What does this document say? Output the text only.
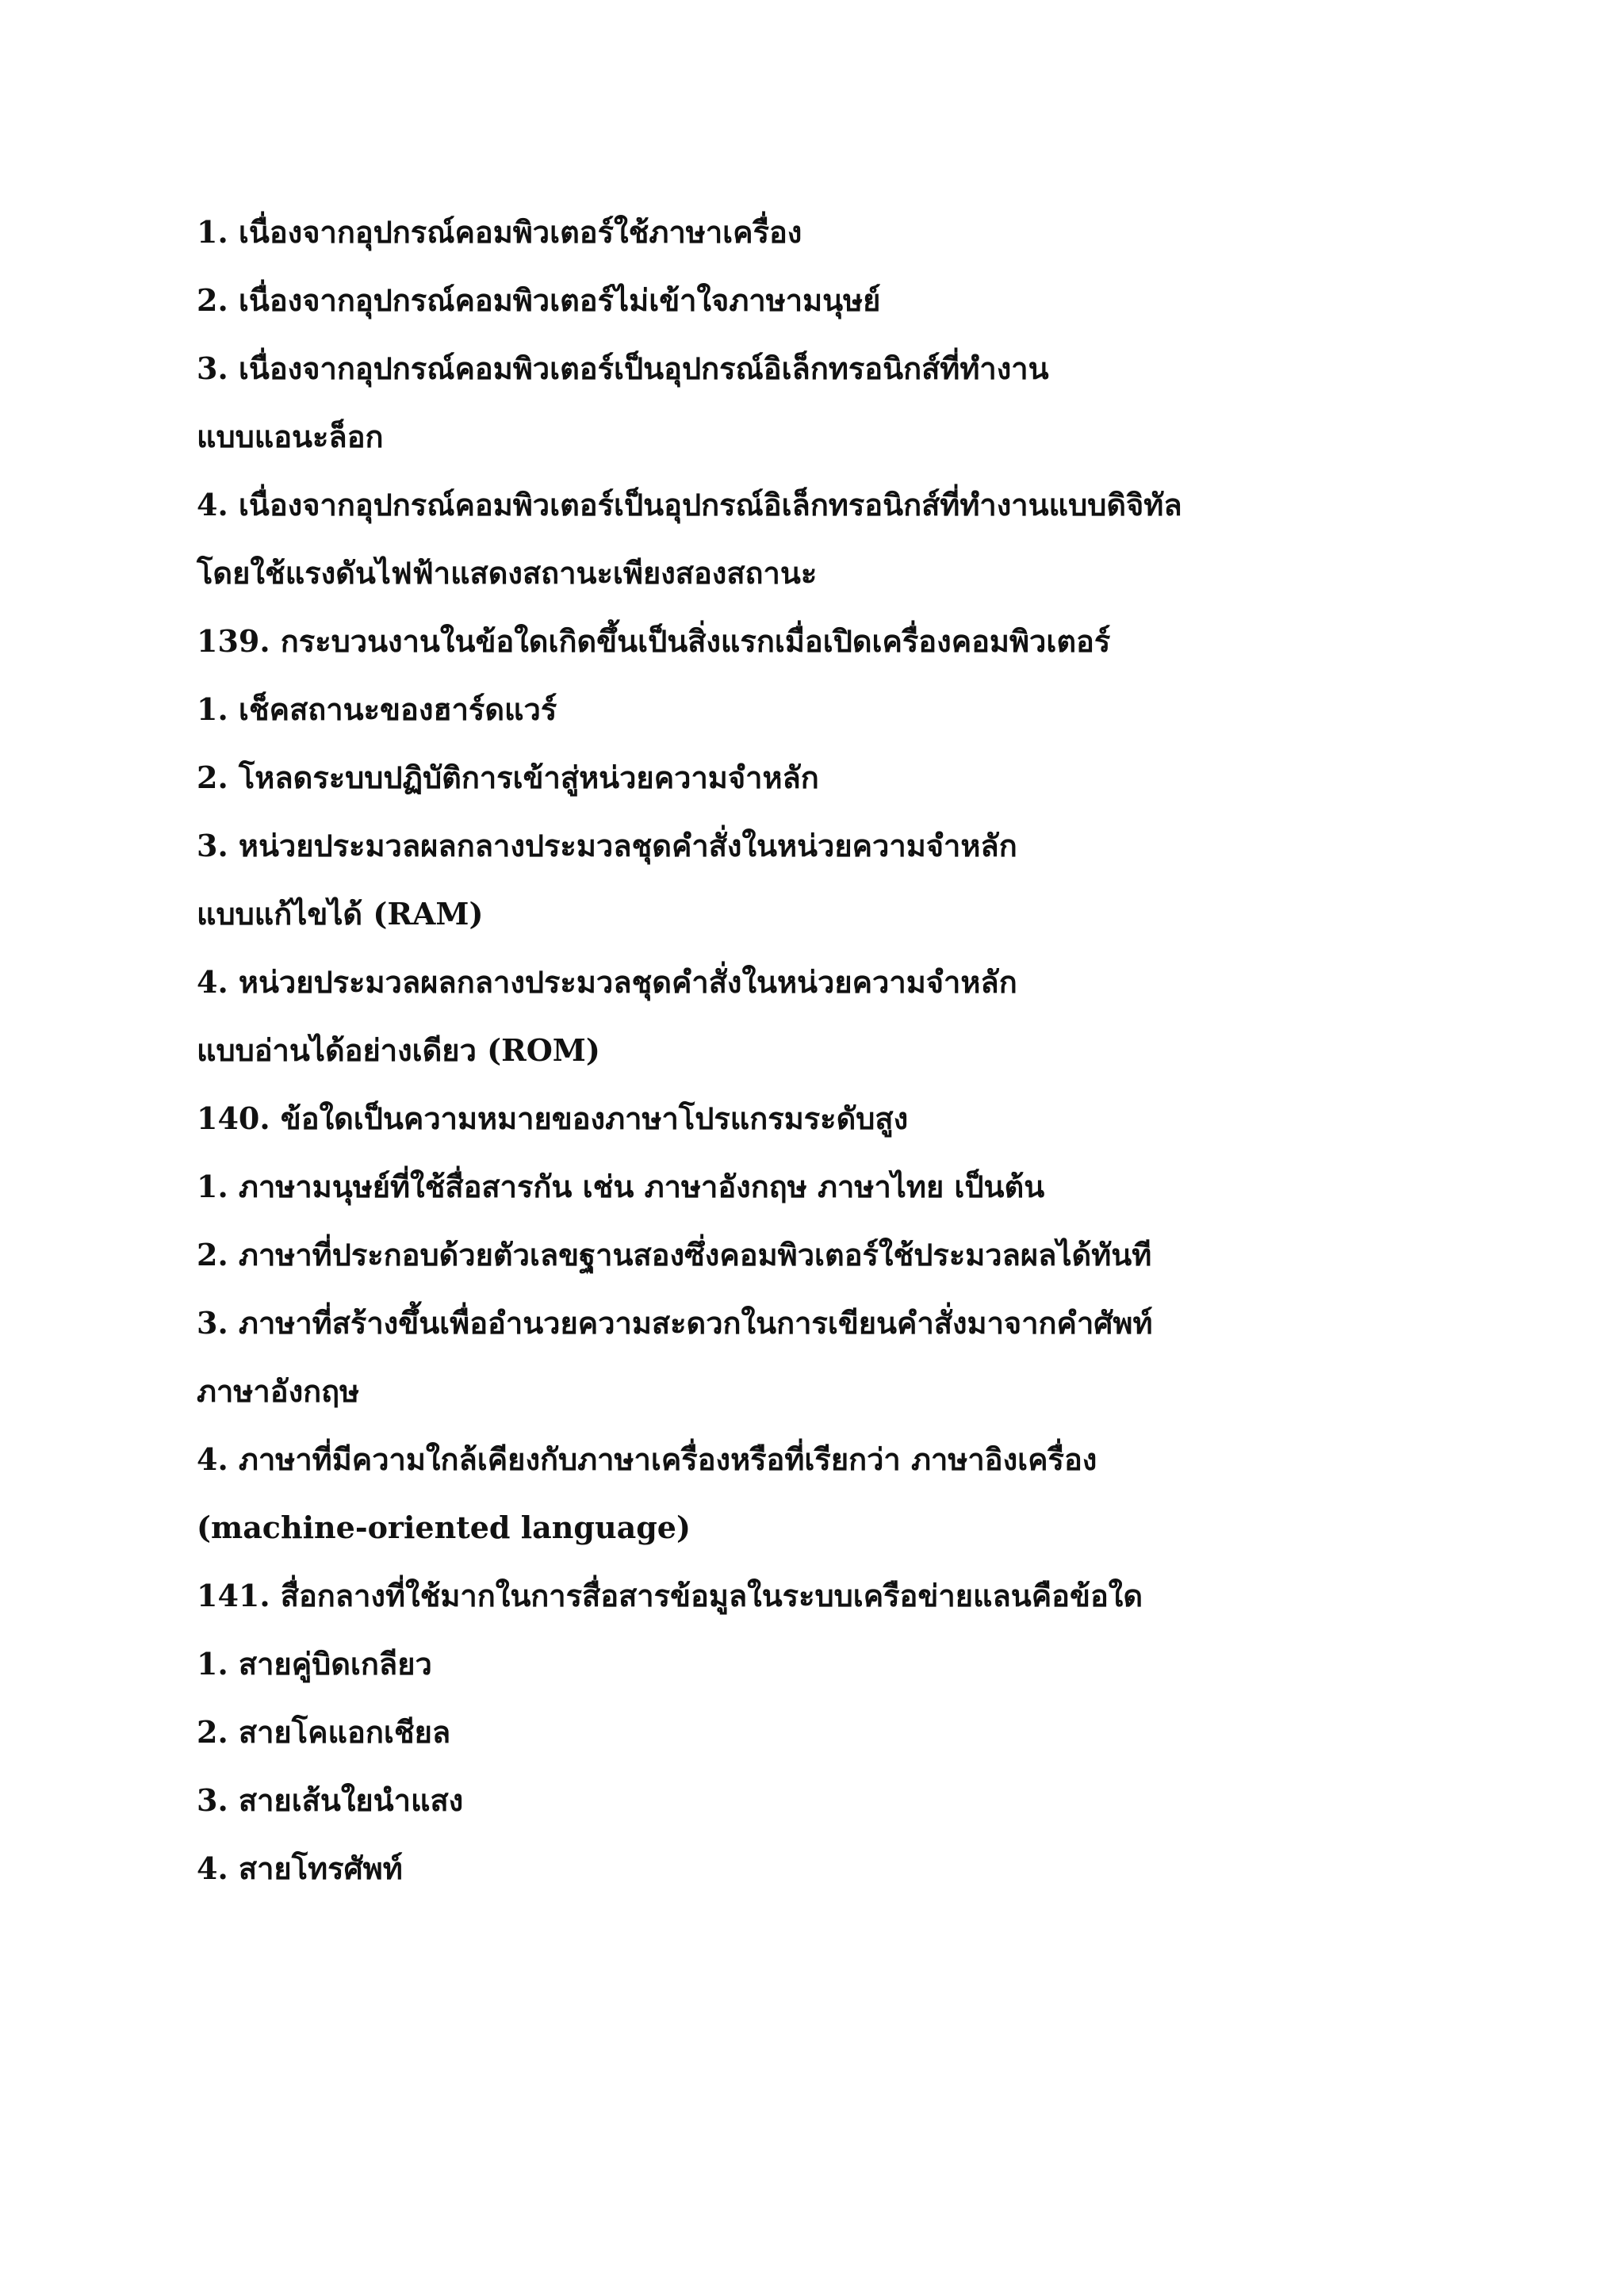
1. เนื่องจากอุปกรณ์คอมพิวเตอร์ใช้ภาษาเครื่อง
2. เนื่องจากอุปกรณ์คอมพิวเตอร์ไม่เข้าใจภาษามนุษย์
3. เนื่องจากอุปกรณ์คอมพิวเตอร์เป็นอุปกรณ์อิเล็กทรอนิกส์ที่ทำงาน
แบบแอนะล็อก
4. เนื่องจากอุปกรณ์คอมพิวเตอร์เป็นอุปกรณ์อิเล็กทรอนิกส์ที่ทำงานแบบดิจิทัล
โดยใช้แรงดันไฟฟ้าแสดงสถานะเพียงสองสถานะ
139. กระบวนงานในข้อใดเกิดขึ้นเป็นสิ่งแรกเมื่อเปิดเครื่องคอมพิวเตอร์
1. เช็คสถานะของฮาร์ดแวร์
2. โหลดระบบปฏิบัติการเข้าสู่หน่วยความจำหลัก
3. หน่วยประมวลผลกลางประมวลชุดคำสั่งในหน่วยความจำหลัก
แบบแก้ไขได้ (RAM)
4. หน่วยประมวลผลกลางประมวลชุดคำสั่งในหน่วยความจำหลัก
แบบอ่านได้อย่างเดียว (ROM)
140. ข้อใดเป็นความหมายของภาษาโปรแกรมระดับสูง
1. ภาษามนุษย์ที่ใช้สื่อสารกัน เช่น ภาษาอังกฤษ ภาษาไทย เป็นต้น
2. ภาษาที่ประกอบด้วยตัวเลขฐานสองซึ่งคอมพิวเตอร์ใช้ประมวลผลได้ทันที
3. ภาษาที่สร้างขึ้นเพื่ออำนวยความสะดวกในการเขียนคำสั่งมาจากคำศัพท์
ภาษาอังกฤษ
4. ภาษาที่มีความใกล้เคียงกับภาษาเครื่องหรือที่เรียกว่า ภาษาอิงเครื่อง
(machine-oriented language)
141. สื่อกลางที่ใช้มากในการสื่อสารข้อมูลในระบบเครือข่ายแลนคือข้อใด
1. สายคู่บิดเกลียว
2. สายโคแอกเชียล
3. สายเส้นใยนำแสง
4. สายโทรศัพท์
